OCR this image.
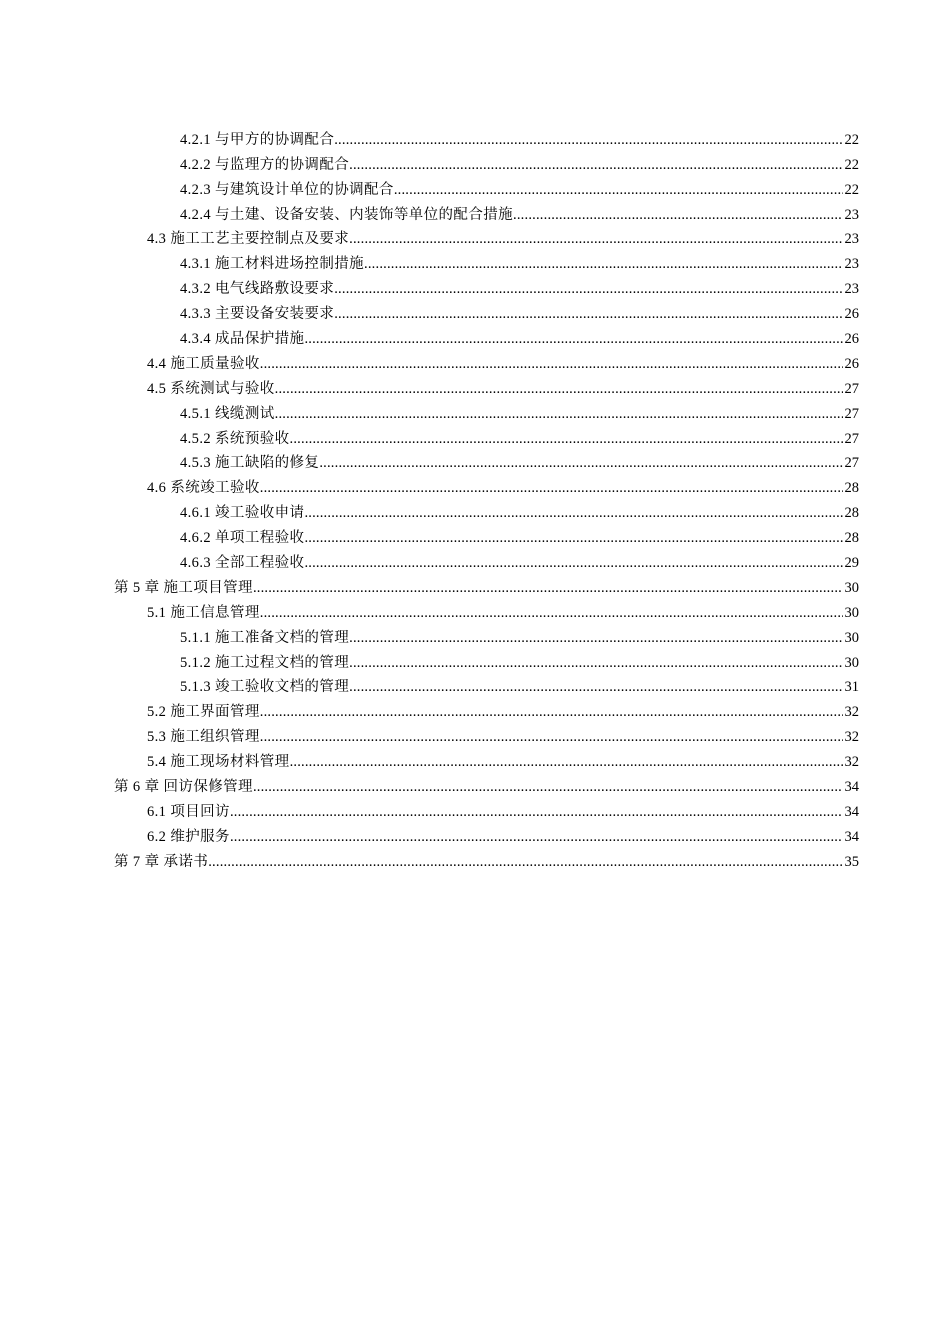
4.2.1 与甲方的协调配合 .....	22
4.2.2 与监理方的协调配合 .....	22
4.2.3 与建筑设计单位的协调配合 .....	22
4.2.4 与土建、设备安装、内装饰等单位的配合措施 .....	23
4.3 施工工艺主要控制点及要求 .....	23
4.3.1 施工材料进场控制措施 .....	23
4.3.2 电气线路敷设要求 .....	23
4.3.3 主要设备安装要求 .....	26
4.3.4 成品保护措施 .....	26
4.4 施工质量验收 .....	26
4.5 系统测试与验收 .....	27
4.5.1 线缆测试 .....	27
4.5.2 系统预验收 .....	27
4.5.3 施工缺陷的修复 .....	27
4.6 系统竣工验收 .....	28
4.6.1 竣工验收申请 .....	28
4.6.2 单项工程验收 .....	28
4.6.3 全部工程验收 .....	29
第 5 章 施工项目管理 .....	30
5.1 施工信息管理 .....	30
5.1.1 施工准备文档的管理 .....	30
5.1.2 施工过程文档的管理 .....	30
5.1.3 竣工验收文档的管理 .....	31
5.2 施工界面管理 .....	32
5.3 施工组织管理 .....	32
5.4 施工现场材料管理 .....	32
第 6 章 回访保修管理 .....	34
6.1 项目回访 .....	34
6.2 维护服务 .....	34
第 7 章 承诺书 .....	35
